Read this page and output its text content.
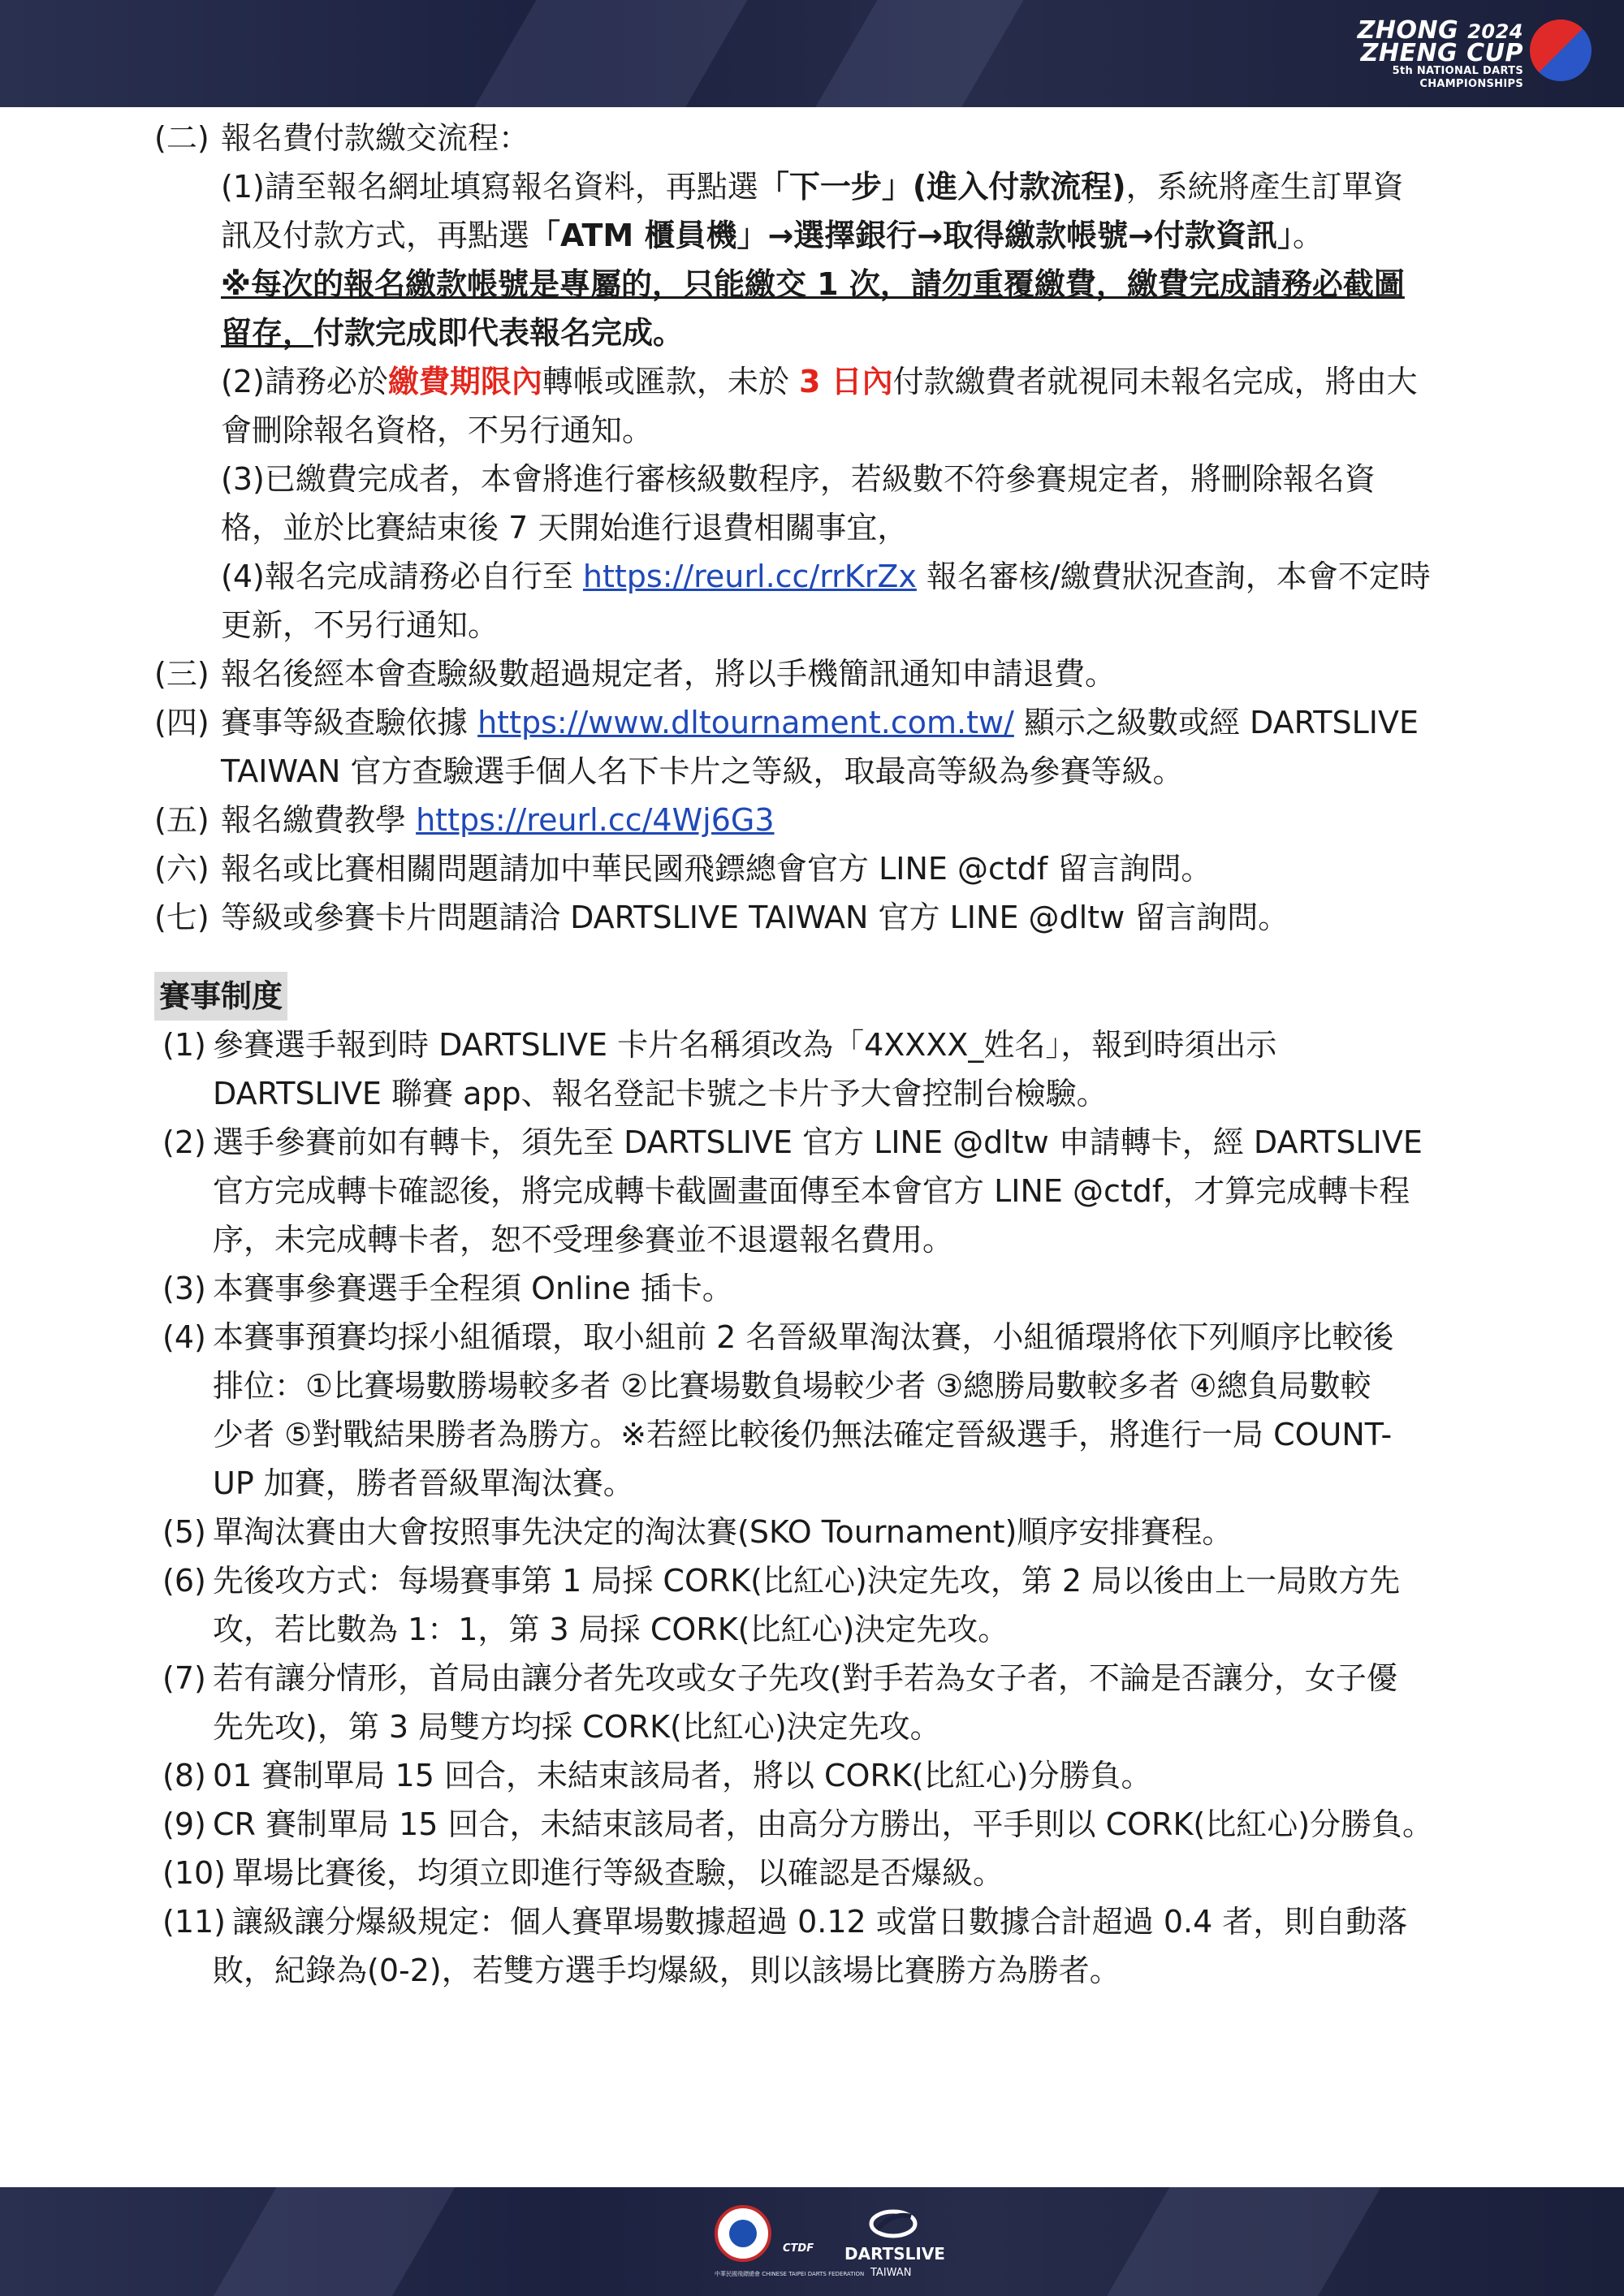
ZHONG 2024
ZHENG CUP
5th NATIONAL DARTS
CHAMPIONSHIPS
(二) 報名費付款繳交流程：
(1)請至報名網址填寫報名資料，再點選「下一步」(進入付款流程)，系統將產生訂單資
訊及付款方式，再點選「ATM 櫃員機」→選擇銀行→取得繳款帳號→付款資訊」。
※每次的報名繳款帳號是專屬的，只能繳交 1 次，請勿重覆繳費，繳費完成請務必截圖
留存，付款完成即代表報名完成。
(2)請務必於繳費期限內轉帳或匯款，未於 3 日內付款繳費者就視同未報名完成，將由大
會刪除報名資格，不另行通知。
(3)已繳費完成者，本會將進行審核級數程序，若級數不符參賽規定者，將刪除報名資
格，並於比賽結束後 7 天開始進行退費相關事宜，
(4)報名完成請務必自行至 https://reurl.cc/rrKrZx 報名審核/繳費狀況查詢，本會不定時
更新，不另行通知。
(三) 報名後經本會查驗級數超過規定者，將以手機簡訊通知申請退費。
(四) 賽事等級查驗依據 https://www.dltournament.com.tw/ 顯示之級數或經 DARTSLIVE
TAIWAN 官方查驗選手個人名下卡片之等級，取最高等級為參賽等級。
(五) 報名繳費教學 https://reurl.cc/4Wj6G3
(六) 報名或比賽相關問題請加中華民國飛鏢總會官方 LINE @ctdf 留言詢問。
(七) 等級或參賽卡片問題請洽 DARTSLIVE TAIWAN 官方 LINE @dltw 留言詢問。
賽事制度
(1) 參賽選手報到時 DARTSLIVE 卡片名稱須改為「4XXXX_姓名」，報到時須出示
DARTSLIVE 聯賽 app、報名登記卡號之卡片予大會控制台檢驗。
(2) 選手參賽前如有轉卡，須先至 DARTSLIVE 官方 LINE @dltw 申請轉卡，經 DARTSLIVE
官方完成轉卡確認後，將完成轉卡截圖畫面傳至本會官方 LINE @ctdf，才算完成轉卡程
序，未完成轉卡者，恕不受理參賽並不退還報名費用。
(3) 本賽事參賽選手全程須 Online 插卡。
(4) 本賽事預賽均採小組循環，取小組前 2 名晉級單淘汰賽，小組循環將依下列順序比較後
排位：①比賽場數勝場較多者 ②比賽場數負場較少者 ③總勝局數較多者 ④總負局數較
少者 ⑤對戰結果勝者為勝方。※若經比較後仍無法確定晉級選手，將進行一局 COUNT-
UP 加賽，勝者晉級單淘汰賽。
(5) 單淘汰賽由大會按照事先決定的淘汰賽(SKO Tournament)順序安排賽程。
(6) 先後攻方式：每場賽事第 1 局採 CORK(比紅心)決定先攻，第 2 局以後由上一局敗方先
攻，若比數為 1：1，第 3 局採 CORK(比紅心)決定先攻。
(7) 若有讓分情形，首局由讓分者先攻或女子先攻(對手若為女子者，不論是否讓分，女子優
先先攻)，第 3 局雙方均採 CORK(比紅心)決定先攻。
(8) 01 賽制單局 15 回合，未結束該局者，將以 CORK(比紅心)分勝負。
(9) CR 賽制單局 15 回合，未結束該局者，由高分方勝出，平手則以 CORK(比紅心)分勝負。
(10) 單場比賽後，均須立即進行等級查驗，以確認是否爆級。
(11) 讓級讓分爆級規定：個人賽單場數據超過 0.12 或當日數據合計超過 0.4 者，則自動落
敗，紀錄為(0-2)，若雙方選手均爆級，則以該場比賽勝方為勝者。
CTDF
中華民國飛鏢總會 CHINESE TAIPEI DARTS FEDERATION
DARTSLIVE
TAIWAN
